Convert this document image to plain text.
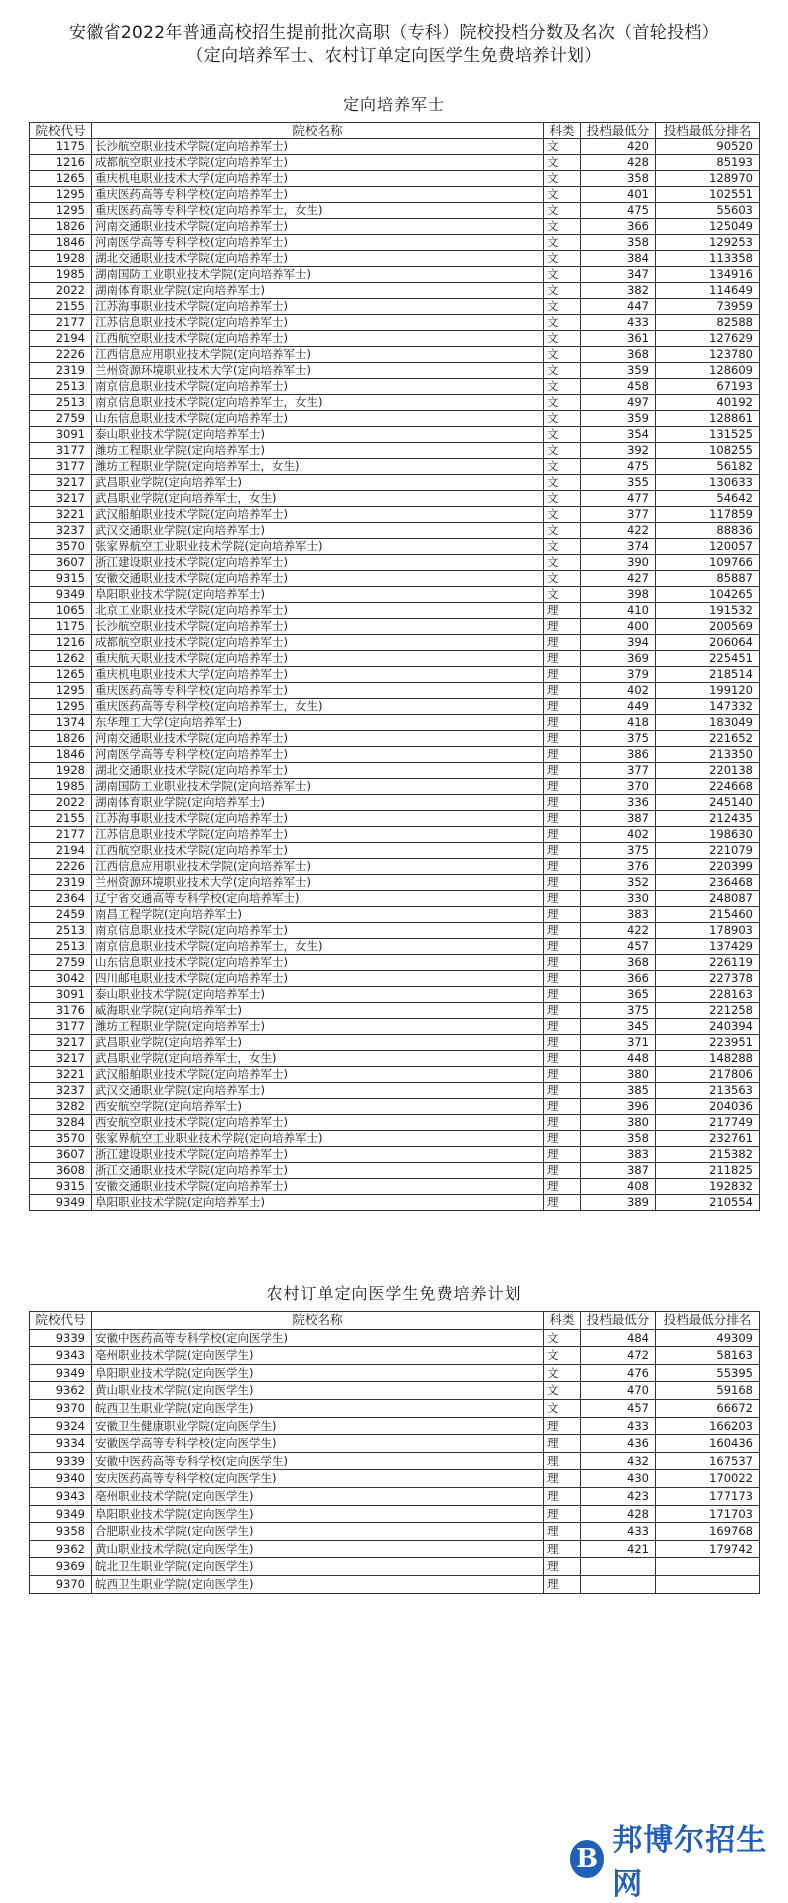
安徽省2022年普通高校招生提前批次高职（专科）院校投档分数及名次（首轮投档）
（定向培养军士、农村订单定向医学生免费培养计划）
定向培养军士
院校代号	院校名称	科类	投档最低分	投档最低分排名
1175	长沙航空职业技术学院(定向培养军士)	文	420	90520
1216	成都航空职业技术学院(定向培养军士)	文	428	85193
1265	重庆机电职业技术大学(定向培养军士)	文	358	128970
1295	重庆医药高等专科学校(定向培养军士)	文	401	102551
1295	重庆医药高等专科学校(定向培养军士，女生)	文	475	55603
1826	河南交通职业技术学院(定向培养军士)	文	366	125049
1846	河南医学高等专科学校(定向培养军士)	文	358	129253
1928	湖北交通职业技术学院(定向培养军士)	文	384	113358
1985	湖南国防工业职业技术学院(定向培养军士)	文	347	134916
2022	湖南体育职业学院(定向培养军士)	文	382	114649
2155	江苏海事职业技术学院(定向培养军士)	文	447	73959
2177	江苏信息职业技术学院(定向培养军士)	文	433	82588
2194	江西航空职业技术学院(定向培养军士)	文	361	127629
2226	江西信息应用职业技术学院(定向培养军士)	文	368	123780
2319	兰州资源环境职业技术大学(定向培养军士)	文	359	128609
2513	南京信息职业技术学院(定向培养军士)	文	458	67193
2513	南京信息职业技术学院(定向培养军士，女生)	文	497	40192
2759	山东信息职业技术学院(定向培养军士)	文	359	128861
3091	泰山职业技术学院(定向培养军士)	文	354	131525
3177	潍坊工程职业学院(定向培养军士)	文	392	108255
3177	潍坊工程职业学院(定向培养军士，女生)	文	475	56182
3217	武昌职业学院(定向培养军士)	文	355	130633
3217	武昌职业学院(定向培养军士，女生)	文	477	54642
3221	武汉船舶职业技术学院(定向培养军士)	文	377	117859
3237	武汉交通职业学院(定向培养军士)	文	422	88836
3570	张家界航空工业职业技术学院(定向培养军士)	文	374	120057
3607	浙江建设职业技术学院(定向培养军士)	文	390	109766
9315	安徽交通职业技术学院(定向培养军士)	文	427	85887
9349	阜阳职业技术学院(定向培养军士)	文	398	104265
1065	北京工业职业技术学院(定向培养军士)	理	410	191532
1175	长沙航空职业技术学院(定向培养军士)	理	400	200569
1216	成都航空职业技术学院(定向培养军士)	理	394	206064
1262	重庆航天职业技术学院(定向培养军士)	理	369	225451
1265	重庆机电职业技术大学(定向培养军士)	理	379	218514
1295	重庆医药高等专科学校(定向培养军士)	理	402	199120
1295	重庆医药高等专科学校(定向培养军士，女生)	理	449	147332
1374	东华理工大学(定向培养军士)	理	418	183049
1826	河南交通职业技术学院(定向培养军士)	理	375	221652
1846	河南医学高等专科学校(定向培养军士)	理	386	213350
1928	湖北交通职业技术学院(定向培养军士)	理	377	220138
1985	湖南国防工业职业技术学院(定向培养军士)	理	370	224668
2022	湖南体育职业学院(定向培养军士)	理	336	245140
2155	江苏海事职业技术学院(定向培养军士)	理	387	212435
2177	江苏信息职业技术学院(定向培养军士)	理	402	198630
2194	江西航空职业技术学院(定向培养军士)	理	375	221079
2226	江西信息应用职业技术学院(定向培养军士)	理	376	220399
2319	兰州资源环境职业技术大学(定向培养军士)	理	352	236468
2364	辽宁省交通高等专科学校(定向培养军士)	理	330	248087
2459	南昌工程学院(定向培养军士)	理	383	215460
2513	南京信息职业技术学院(定向培养军士)	理	422	178903
2513	南京信息职业技术学院(定向培养军士，女生)	理	457	137429
2759	山东信息职业技术学院(定向培养军士)	理	368	226119
3042	四川邮电职业技术学院(定向培养军士)	理	366	227378
3091	泰山职业技术学院(定向培养军士)	理	365	228163
3176	威海职业学院(定向培养军士)	理	375	221258
3177	潍坊工程职业学院(定向培养军士)	理	345	240394
3217	武昌职业学院(定向培养军士)	理	371	223951
3217	武昌职业学院(定向培养军士，女生)	理	448	148288
3221	武汉船舶职业技术学院(定向培养军士)	理	380	217806
3237	武汉交通职业学院(定向培养军士)	理	385	213563
3282	西安航空学院(定向培养军士)	理	396	204036
3284	西安航空职业技术学院(定向培养军士)	理	380	217749
3570	张家界航空工业职业技术学院(定向培养军士)	理	358	232761
3607	浙江建设职业技术学院(定向培养军士)	理	383	215382
3608	浙江交通职业技术学院(定向培养军士)	理	387	211825
9315	安徽交通职业技术学院(定向培养军士)	理	408	192832
9349	阜阳职业技术学院(定向培养军士)	理	389	210554
农村订单定向医学生免费培养计划
院校代号	院校名称	科类	投档最低分	投档最低分排名
9339	安徽中医药高等专科学校(定向医学生)	文	484	49309
9343	亳州职业技术学院(定向医学生)	文	472	58163
9349	阜阳职业技术学院(定向医学生)	文	476	55395
9362	黄山职业技术学院(定向医学生)	文	470	59168
9370	皖西卫生职业学院(定向医学生)	文	457	66672
9324	安徽卫生健康职业学院(定向医学生)	理	433	166203
9334	安徽医学高等专科学校(定向医学生)	理	436	160436
9339	安徽中医药高等专科学校(定向医学生)	理	432	167537
9340	安庆医药高等专科学校(定向医学生)	理	430	170022
9343	亳州职业技术学院(定向医学生)	理	423	177173
9349	阜阳职业技术学院(定向医学生)	理	428	171703
9358	合肥职业技术学院(定向医学生)	理	433	169768
9362	黄山职业技术学院(定向医学生)	理	421	179742
9369	皖北卫生职业学院(定向医学生)	理		
9370	皖西卫生职业学院(定向医学生)	理		
B
邦博尔招生网
